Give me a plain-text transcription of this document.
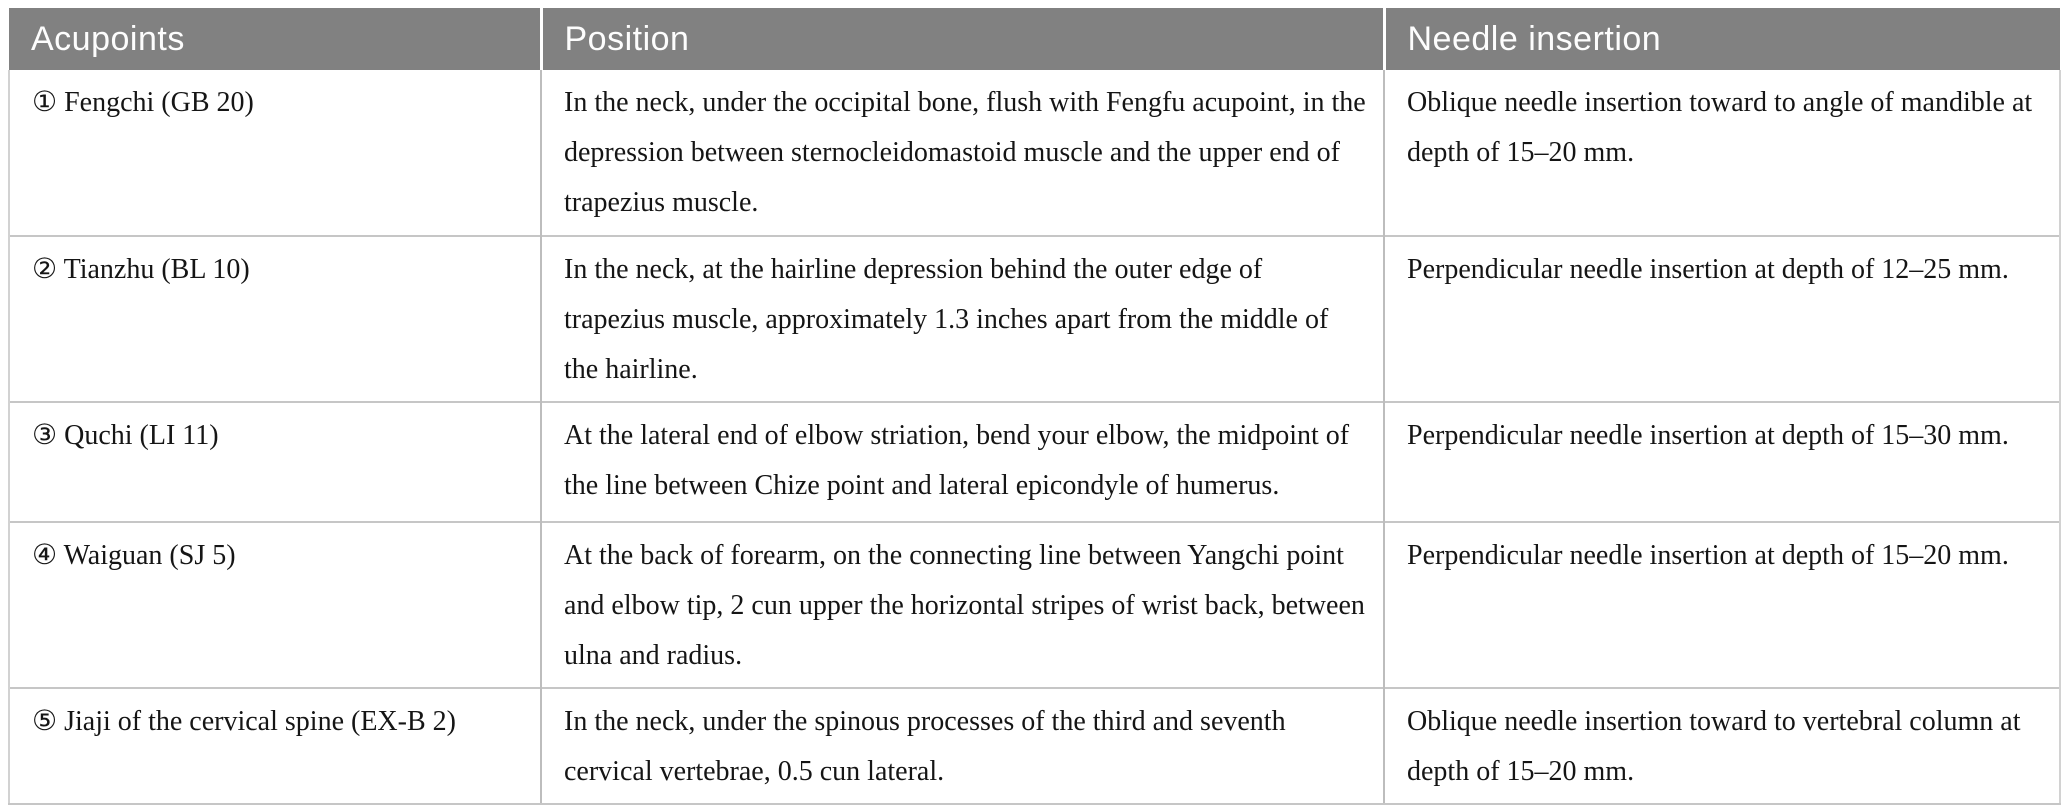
Acupoints	Position	Needle insertion
① Fengchi (GB 20)	In the neck, under the occipital bone, flush with Fengfu acupoint, in the depression between sternocleidomastoid muscle and the upper end of trapezius muscle.	Oblique needle insertion toward to angle of mandible at depth of 15–20 mm.
② Tianzhu (BL 10)	In the neck, at the hairline depression behind the outer edge of trapezius muscle, approximately 1.3 inches apart from the middle of the hairline.	Perpendicular needle insertion at depth of 12–25 mm.
③ Quchi (LI 11)	At the lateral end of elbow striation, bend your elbow, the midpoint of the line between Chize point and lateral epicondyle of humerus.	Perpendicular needle insertion at depth of 15–30 mm.
④ Waiguan (SJ 5)	At the back of forearm, on the connecting line between Yangchi point and elbow tip, 2 cun upper the horizontal stripes of wrist back, between ulna and radius.	Perpendicular needle insertion at depth of 15–20 mm.
⑤ Jiaji of the cervical spine (EX-B 2)	In the neck, under the spinous processes of the third and seventh cervical vertebrae, 0.5 cun lateral.	Oblique needle insertion toward to vertebral column at depth of 15–20 mm.
